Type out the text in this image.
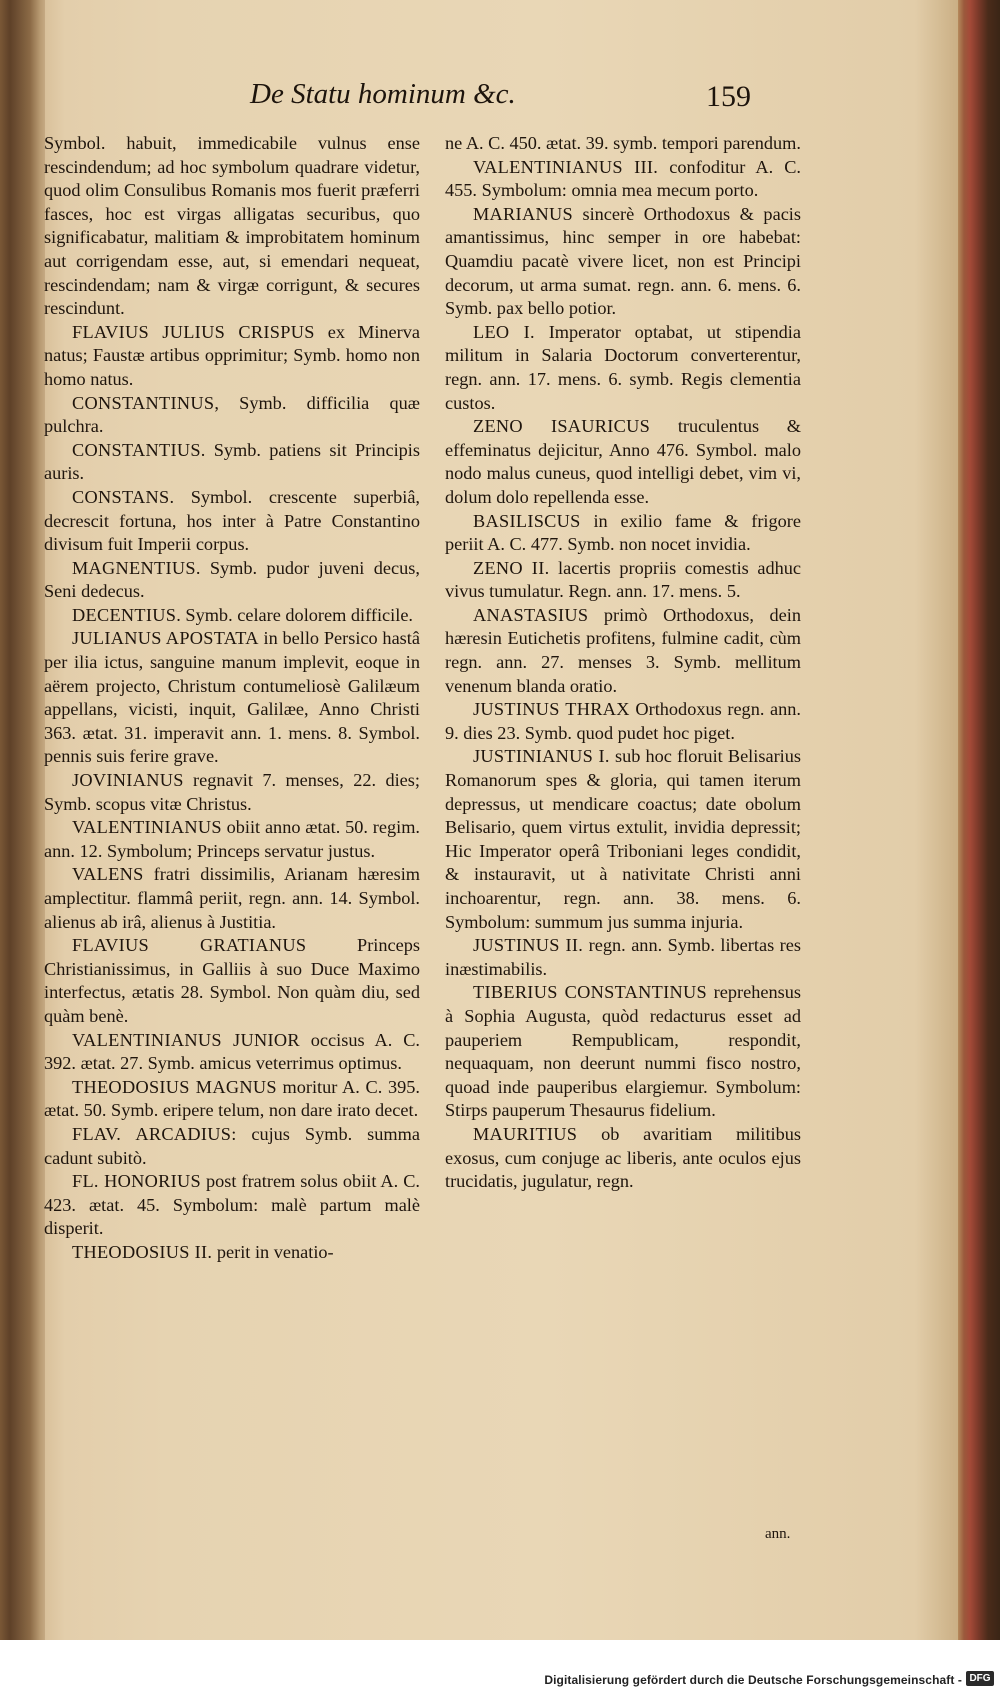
De Statu hominum &c.	159

Symbol. habuit, immedicabile vulnus ense rescindendum; ad hoc symbolum quadrare videtur, quod olim Consulibus Romanis mos fuerit præferri fasces, hoc est virgas alligatas securibus, quo significabatur, malitiam & improbitatem hominum aut corrigendam esse, aut, si emendari nequeat, rescindendam; nam & virgæ corrigunt, & secures rescindunt.

FLAVIUS JULIUS CRISPUS ex Minerva natus; Faustæ artibus opprimitur; Symb. homo non homo natus.

CONSTANTINUS, Symb. difficilia quæ pulchra.

CONSTANTIUS. Symb. patiens sit Principis auris.

CONSTANS. Symbol. crescente superbiâ, decrescit fortuna, hos inter à Patre Constantino divisum fuit Imperii corpus.

MAGNENTIUS. Symb. pudor juveni decus, Seni dedecus.

DECENTIUS. Symb. celare dolorem difficile.

JULIANUS APOSTATA in bello Persico hastâ per ilia ictus, sanguine manum implevit, eoque in aërem projecto, Christum contumeliosè Galilæum appellans, vicisti, inquit, Galilæe, Anno Christi 363. ætat. 31. imperavit ann. 1. mens. 8. Symbol. pennis suis ferire grave.

JOVINIANUS regnavit 7. menses, 22. dies; Symb. scopus vitæ Christus.

VALENTINIANUS obiit anno ætat. 50. regim. ann. 12. Symbolum; Princeps servatur justus.

VALENS fratri dissimilis, Arianam hæresim amplectitur. flammâ periit, regn. ann. 14. Symbol. alienus ab irâ, alienus à Justitia.

FLAVIUS GRATIANUS Princeps Christianissimus, in Galliis à suo Duce Maximo interfectus, ætatis 28. Symbol. Non quàm diu, sed quàm benè.

VALENTINIANUS JUNIOR occisus A. C. 392. ætat. 27. Symb. amicus veterrimus optimus.

THEODOSIUS MAGNUS moritur A. C. 395. ætat. 50. Symb. eripere telum, non dare irato decet.

FLAV. ARCADIUS: cujus Symb. summa cadunt subitò.

FL. HONORIUS post fratrem solus obiit A. C. 423. ætat. 45. Symbolum: malè partum malè disperit.

THEODOSIUS II. perit in venatio-

ne A. C. 450. ætat. 39. symb. tempori parendum.

VALENTINIANUS III. confoditur A. C. 455. Symbolum: omnia mea mecum porto.

MARIANUS sincerè Orthodoxus & pacis amantissimus, hinc semper in ore habebat: Quamdiu pacatè vivere licet, non est Principi decorum, ut arma sumat. regn. ann. 6. mens. 6. Symb. pax bello potior.

LEO I. Imperator optabat, ut stipendia militum in Salaria Doctorum converterentur, regn. ann. 17. mens. 6. symb. Regis clementia custos.

ZENO ISAURICUS truculentus & effeminatus dejicitur, Anno 476. Symbol. malo nodo malus cuneus, quod intelligi debet, vim vi, dolum dolo repellenda esse.

BASILISCUS in exilio fame & frigore periit A. C. 477. Symb. non nocet invidia.

ZENO II. lacertis propriis comestis adhuc vivus tumulatur. Regn. ann. 17. mens. 5.

ANASTASIUS primò Orthodoxus, dein hæresin Eutichetis profitens, fulmine cadit, cùm regn. ann. 27. menses 3. Symb. mellitum venenum blanda oratio.

JUSTINUS THRAX Orthodoxus regn. ann. 9. dies 23. Symb. quod pudet hoc piget.

JUSTINIANUS I. sub hoc floruit Belisarius Romanorum spes & gloria, qui tamen iterum depressus, ut mendicare coactus; date obolum Belisario, quem virtus extulit, invidia depressit; Hic Imperator operâ Triboniani leges condidit, & instauravit, ut à nativitate Christi anni inchoarentur, regn. ann. 38. mens. 6. Symbolum: summum jus summa injuria.

JUSTINUS II. regn. ann. Symb. libertas res inæstimabilis.

TIBERIUS CONSTANTINUS reprehensus à Sophia Augusta, quòd redacturus esset ad pauperiem Rempublicam, respondit, nequaquam, non deerunt nummi fisco nostro, quoad inde pauperibus elargiemur. Symbolum: Stirps pauperum Thesaurus fidelium.

MAURITIUS ob avaritiam militibus exosus, cum conjuge ac liberis, ante oculos ejus trucidatis, jugulatur, regn.

ann.
Digitalisierung gefördert durch die Deutsche Forschungsgemeinschaft - DFG
